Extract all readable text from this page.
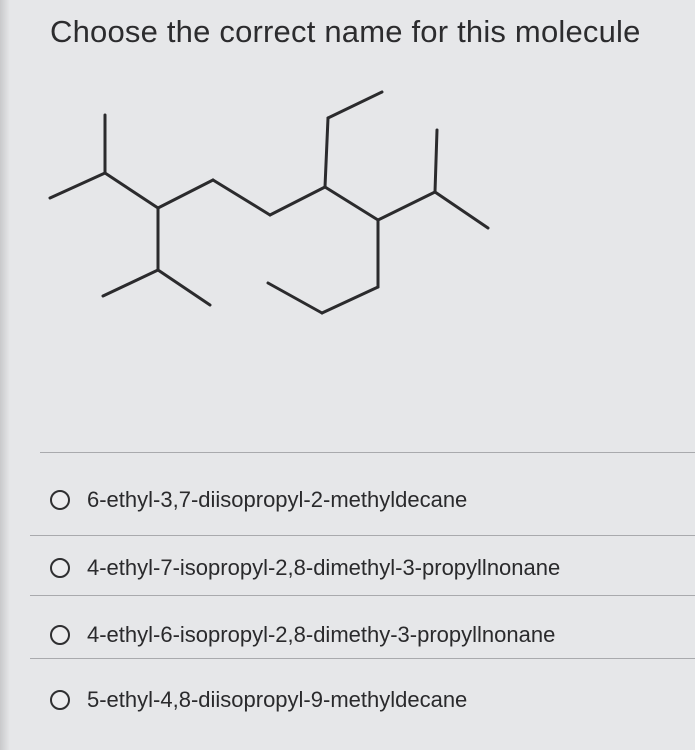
Choose the correct name for this molecule
6-ethyl-3,7-diisopropyl-2-methyldecane
4-ethyl-7-isopropyl-2,8-dimethyl-3-propyllnonane
4-ethyl-6-isopropyl-2,8-dimethy-3-propyllnonane
5-ethyl-4,8-diisopropyl-9-methyldecane
